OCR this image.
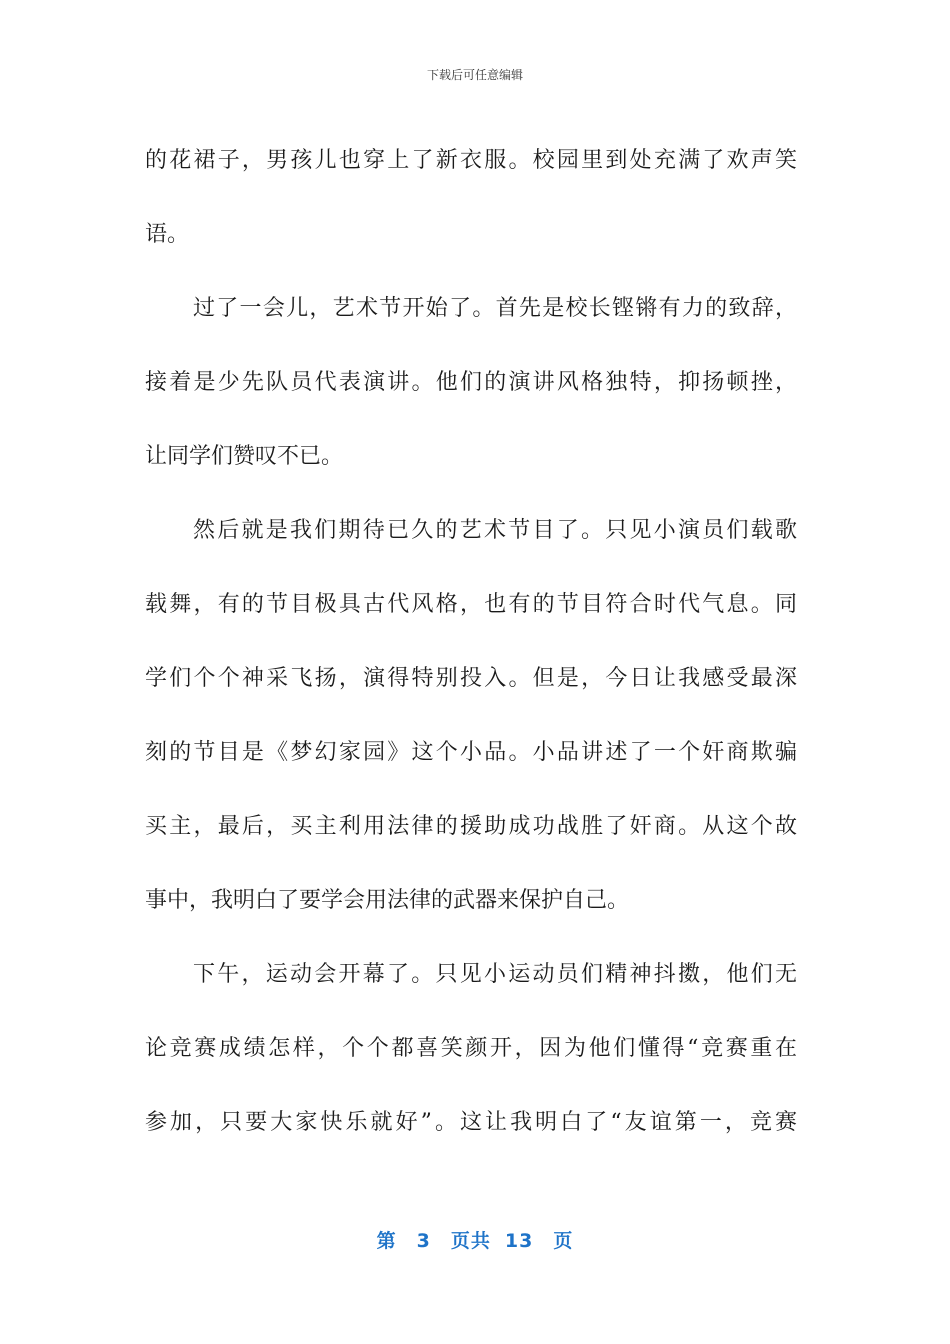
下载后可任意编辑
的花裙子，男孩儿也穿上了新衣服。校园里到处充满了欢声笑
语。
过了一会儿，艺术节开始了。首先是校长铿锵有力的致辞，
接着是少先队员代表演讲。他们的演讲风格独特，抑扬顿挫，
让同学们赞叹不已。
然后就是我们期待已久的艺术节目了。只见小演员们载歌
载舞，有的节目极具古代风格，也有的节目符合时代气息。同
学们个个神采飞扬，演得特别投入。但是，今日让我感受最深
刻的节目是《梦幻家园》这个小品。小品讲述了一个奸商欺骗
买主，最后，买主利用法律的援助成功战胜了奸商。从这个故
事中，我明白了要学会用法律的武器来保护自己。
下午，运动会开幕了。只见小运动员们精神抖擞，他们无
论竞赛成绩怎样，个个都喜笑颜开，因为他们懂得“竞赛重在
参加，只要大家快乐就好”。这让我明白了“友谊第一，竞赛
第 3 页共 13 页
